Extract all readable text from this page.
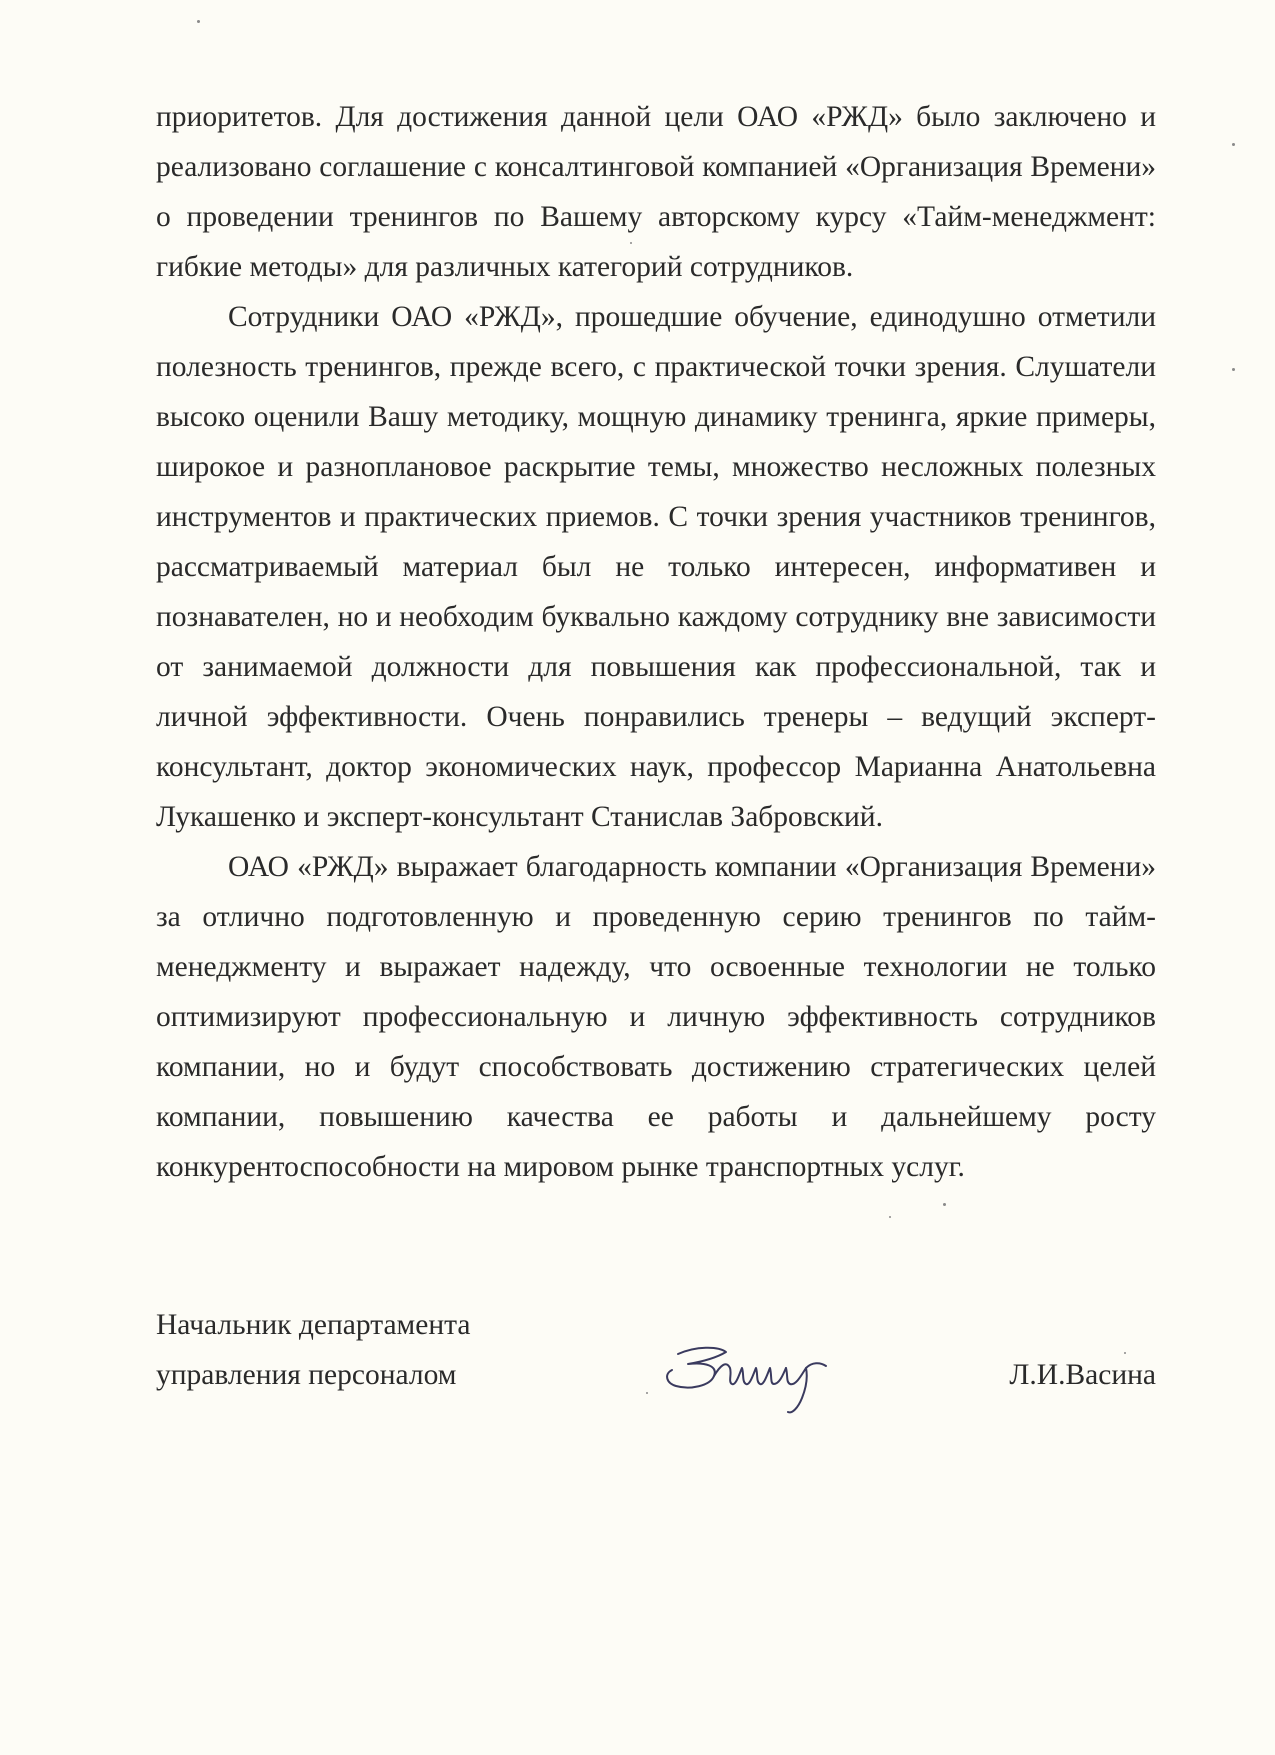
приоритетов. Для достижения данной цели ОАО «РЖД» было заключено и реализовано соглашение с консалтинговой компанией «Организация Времени» о проведении тренингов по Вашему авторскому курсу «Тайм-менеджмент: гибкие методы» для различных категорий сотрудников.

Сотрудники ОАО «РЖД», прошедшие обучение, единодушно отметили полезность тренингов, прежде всего, с практической точки зрения. Слушатели высоко оценили Вашу методику, мощную динамику тренинга, яркие примеры, широкое и разноплановое раскрытие темы, множество несложных полезных инструментов и практических приемов. С точки зрения участников тренингов, рассматриваемый материал был не только интересен, информативен и познавателен, но и необходим буквально каждому сотруднику вне зависимости от занимаемой должности для повышения как профессиональной, так и личной эффективности. Очень понравились тренеры – ведущий эксперт-консультант, доктор экономических наук, профессор Марианна Анатольевна Лукашенко и эксперт-консультант Станислав Забровский.

ОАО «РЖД» выражает благодарность компании «Организация Времени» за отлично подготовленную и проведенную серию тренингов по тайм-менеджменту и выражает надежду, что освоенные технологии не только оптимизируют профессиональную и личную эффективность сотрудников компании, но и будут способствовать достижению стратегических целей компании, повышению качества ее работы и дальнейшему росту конкурентоспособности на мировом рынке транспортных услуг.

Начальник департамента
управления персоналом	Л.И.Васина
